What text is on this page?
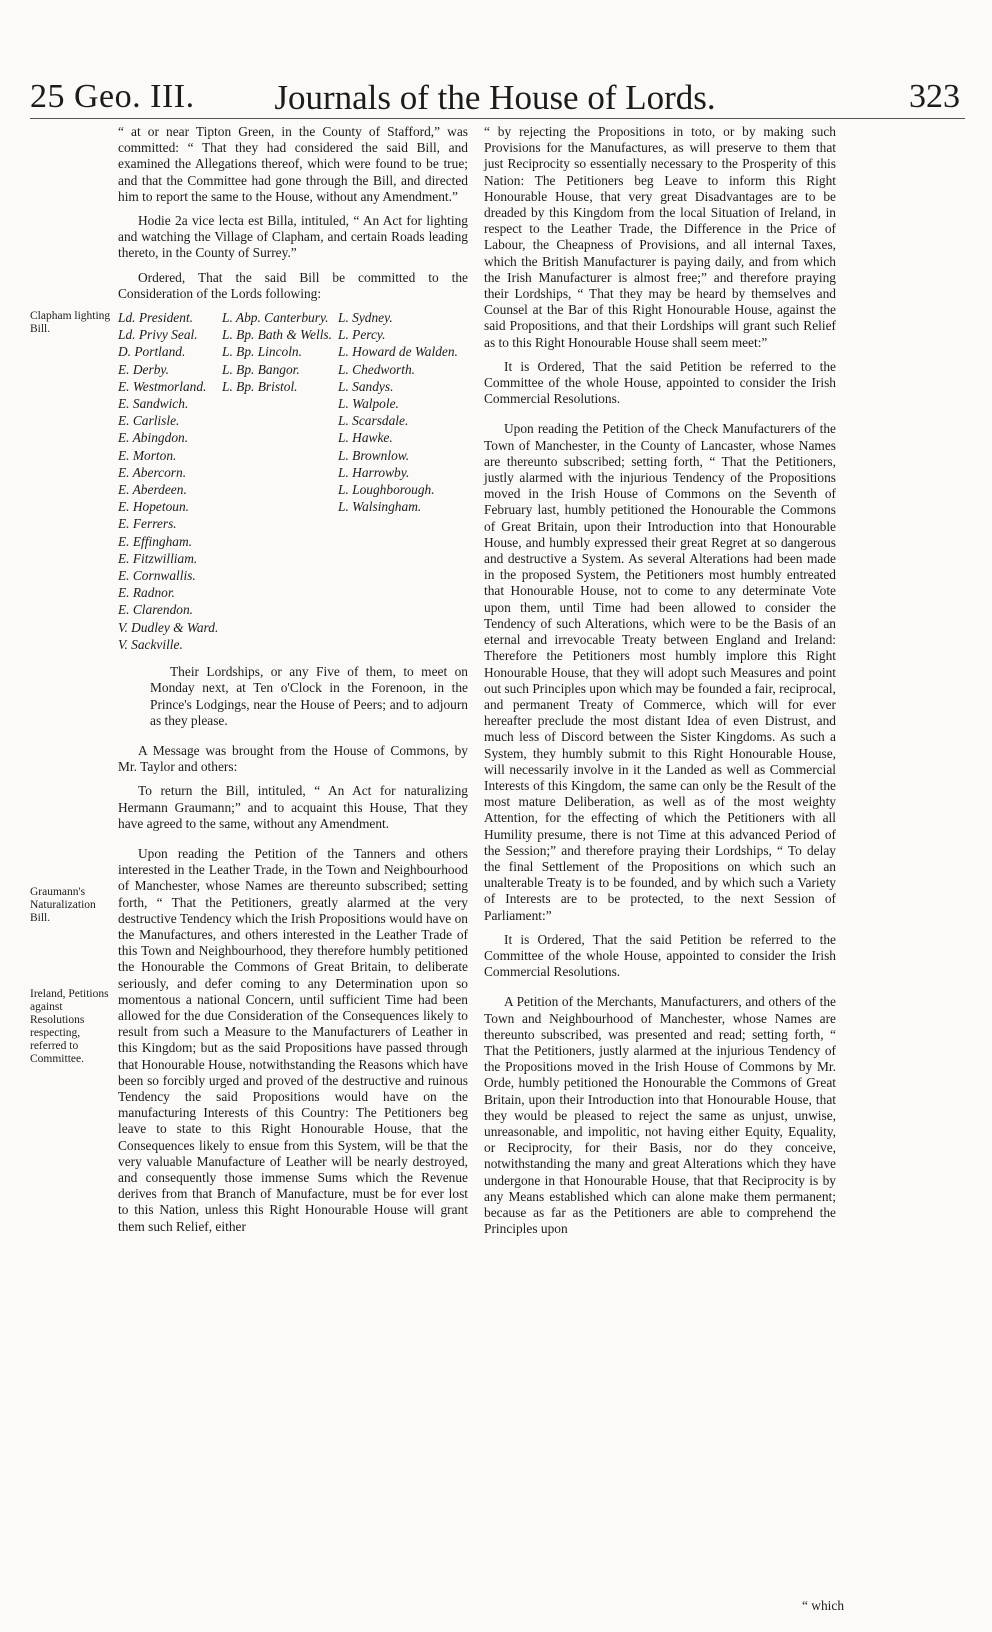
25 Geo. III.	Journals of the House of Lords.	323
Clapham lighting Bill.
Graumann's Naturalization Bill.
Ireland, Petitions against Resolutions respecting, referred to Committee.

“ at or near Tipton Green, in the County of Stafford,” was committed: “ That they had considered the said Bill, and examined the Allegations thereof, which were found to be true; and that the Committee had gone through the Bill, and directed him to report the same to the House, without any Amendment.”

Hodie 2a vice lecta est Billa, intituled, “ An Act for lighting and watching the Village of Clapham, and certain Roads leading thereto, in the County of Surrey.”

Ordered, That the said Bill be committed to the Consideration of the Lords following:

Ld. President.
Ld. Privy Seal.
D. Portland.
E. Derby.
E. Westmorland.
E. Sandwich.
E. Carlisle.
E. Abingdon.
E. Morton.
E. Abercorn.
E. Aberdeen.
E. Hopetoun.
E. Ferrers.
E. Effingham.
E. Fitzwilliam.
E. Cornwallis.
E. Radnor.
E. Clarendon.
V. Dudley & Ward.
V. Sackville.
L. Abp. Canterbury.
L. Bp. Bath & Wells.
L. Bp. Lincoln.
L. Bp. Bangor.
L. Bp. Bristol.
L. Sydney.
L. Percy.
L. Howard de Walden.
L. Chedworth.
L. Sandys.
L. Walpole.
L. Scarsdale.
L. Hawke.
L. Brownlow.
L. Harrowby.
L. Loughborough.
L. Walsingham.

Their Lordships, or any Five of them, to meet on Monday next, at Ten o'Clock in the Forenoon, in the Prince's Lodgings, near the House of Peers; and to adjourn as they please.

A Message was brought from the House of Commons, by Mr. Taylor and others:

To return the Bill, intituled, “ An Act for naturalizing Hermann Graumann;” and to acquaint this House, That they have agreed to the same, without any Amendment.

Upon reading the Petition of the Tanners and others interested in the Leather Trade, in the Town and Neighbourhood of Manchester, whose Names are thereunto subscribed; setting forth, “ That the Petitioners, greatly alarmed at the very destructive Tendency which the Irish Propositions would have on the Manufactures, and others interested in the Leather Trade of this Town and Neighbourhood, they therefore humbly petitioned the Honourable the Commons of Great Britain, to deliberate seriously, and defer coming to any Determination upon so momentous a national Concern, until sufficient Time had been allowed for the due Consideration of the Consequences likely to result from such a Measure to the Manufacturers of Leather in this Kingdom; but as the said Propositions have passed through that Honourable House, notwithstanding the Reasons which have been so forcibly urged and proved of the destructive and ruinous Tendency the said Propositions would have on the manufacturing Interests of this Country: The Petitioners beg leave to state to this Right Honourable House, that the Consequences likely to ensue from this System, will be that the very valuable Manufacture of Leather will be nearly destroyed, and consequently those immense Sums which the Revenue derives from that Branch of Manufacture, must be for ever lost to this Nation, unless this Right Honourable House will grant them such Relief, either

“ by rejecting the Propositions in toto, or by making such Provisions for the Manufactures, as will preserve to them that just Reciprocity so essentially necessary to the Prosperity of this Nation: The Petitioners beg Leave to inform this Right Honourable House, that very great Disadvantages are to be dreaded by this Kingdom from the local Situation of Ireland, in respect to the Leather Trade, the Difference in the Price of Labour, the Cheapness of Provisions, and all internal Taxes, which the British Manufacturer is paying daily, and from which the Irish Manufacturer is almost free;” and therefore praying their Lordships, “ That they may be heard by themselves and Counsel at the Bar of this Right Honourable House, against the said Propositions, and that their Lordships will grant such Relief as to this Right Honourable House shall seem meet:”

It is Ordered, That the said Petition be referred to the Committee of the whole House, appointed to consider the Irish Commercial Resolutions.

Upon reading the Petition of the Check Manufacturers of the Town of Manchester, in the County of Lancaster, whose Names are thereunto subscribed; setting forth, “ That the Petitioners, justly alarmed with the injurious Tendency of the Propositions moved in the Irish House of Commons on the Seventh of February last, humbly petitioned the Honourable the Commons of Great Britain, upon their Introduction into that Honourable House, and humbly expressed their great Regret at so dangerous and destructive a System. As several Alterations had been made in the proposed System, the Petitioners most humbly entreated that Honourable House, not to come to any determinate Vote upon them, until Time had been allowed to consider the Tendency of such Alterations, which were to be the Basis of an eternal and irrevocable Treaty between England and Ireland: Therefore the Petitioners most humbly implore this Right Honourable House, that they will adopt such Measures and point out such Principles upon which may be founded a fair, reciprocal, and permanent Treaty of Commerce, which will for ever hereafter preclude the most distant Idea of even Distrust, and much less of Discord between the Sister Kingdoms. As such a System, they humbly submit to this Right Honourable House, will necessarily involve in it the Landed as well as Commercial Interests of this Kingdom, the same can only be the Result of the most mature Deliberation, as well as of the most weighty Attention, for the effecting of which the Petitioners with all Humility presume, there is not Time at this advanced Period of the Session;” and therefore praying their Lordships, “ To delay the final Settlement of the Propositions on which such an unalterable Treaty is to be founded, and by which such a Variety of Interests are to be protected, to the next Session of Parliament:”

It is Ordered, That the said Petition be referred to the Committee of the whole House, appointed to consider the Irish Commercial Resolutions.

A Petition of the Merchants, Manufacturers, and others of the Town and Neighbourhood of Manchester, whose Names are thereunto subscribed, was presented and read; setting forth, “ That the Petitioners, justly alarmed at the injurious Tendency of the Propositions moved in the Irish House of Commons by Mr. Orde, humbly petitioned the Honourable the Commons of Great Britain, upon their Introduction into that Honourable House, that they would be pleased to reject the same as unjust, unwise, unreasonable, and impolitic, not having either Equity, Equality, or Reciprocity, for their Basis, nor do they conceive, notwithstanding the many and great Alterations which they have undergone in that Honourable House, that that Reciprocity is by any Means established which can alone make them permanent; because as far as the Petitioners are able to comprehend the Principles upon

“ which
